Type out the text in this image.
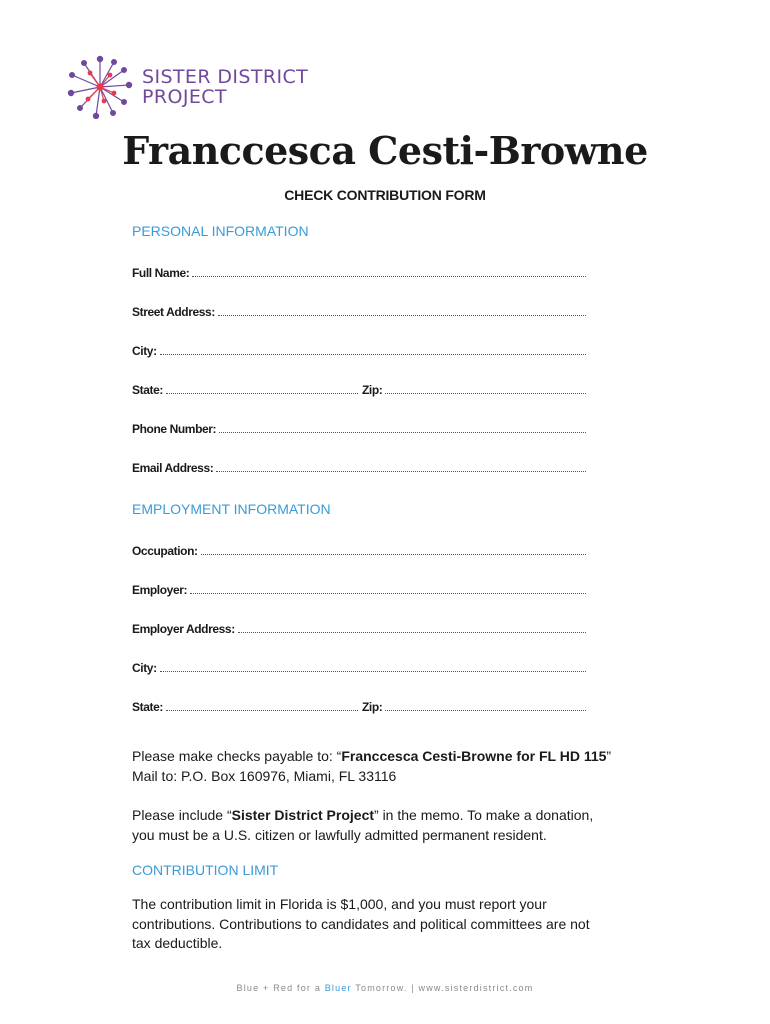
SISTER DISTRICT
PROJECT
Franccesca Cesti-Browne
CHECK CONTRIBUTION FORM
PERSONAL INFORMATION
Full Name:
Street Address:
City:
State:	Zip:
Phone Number:
Email Address:
EMPLOYMENT INFORMATION
Occupation:
Employer:
Employer Address:
City:
State:	Zip:
Please make checks payable to: “Franccesca Cesti-Browne for FL HD 115”
Mail to: P.O. Box 160976, Miami, FL 33116
Please include “Sister District Project” in the memo. To make a donation,
you must be a U.S. citizen or lawfully admitted permanent resident.
CONTRIBUTION LIMIT
The contribution limit in Florida is $1,000, and you must report your
contributions. Contributions to candidates and political committees are not
tax deductible.
Blue + Red for a Bluer Tomorrow. | www.sisterdistrict.com
